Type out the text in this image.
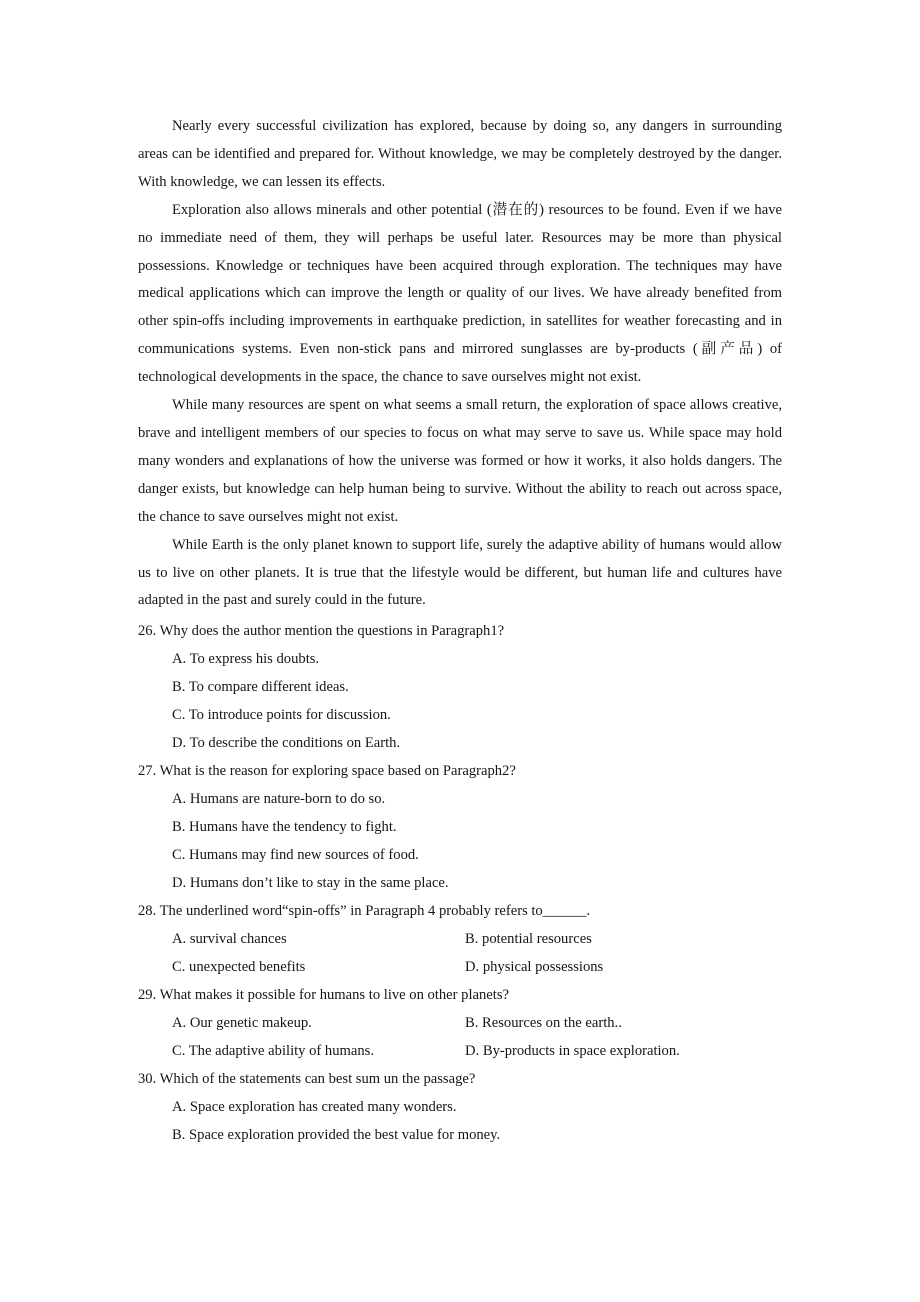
Nearly every successful civilization has explored, because by doing so, any dangers in surrounding areas can be identified and prepared for. Without knowledge, we may be completely destroyed by the danger. With knowledge, we can lessen its effects.

Exploration also allows minerals and other potential (潜在的) resources to be found. Even if we have no immediate need of them, they will perhaps be useful later. Resources may be more than physical possessions. Knowledge or techniques have been acquired through exploration. The techniques may have medical applications which can improve the length or quality of our lives. We have already benefited from other spin-offs including improvements in earthquake prediction, in satellites for weather forecasting and in communications systems. Even non-stick pans and mirrored sunglasses are by-products (副产品) of technological developments in the space, the chance to save ourselves might not exist.

While many resources are spent on what seems a small return, the exploration of space allows creative, brave and intelligent members of our species to focus on what may serve to save us. While space may hold many wonders and explanations of how the universe was formed or how it works, it also holds dangers. The danger exists, but knowledge can help human being to survive. Without the ability to reach out across space, the chance to save ourselves might not exist.

While Earth is the only planet known to support life, surely the adaptive ability of humans would allow us to live on other planets. It is true that the lifestyle would be different, but human life and cultures have adapted in the past and surely could in the future.

26. Why does the author mention the questions in Paragraph1?

A. To express his doubts.

B. To compare different ideas.

C. To introduce points for discussion.

D. To describe the conditions on Earth.

27. What is the reason for exploring space based on Paragraph2?

A. Humans are nature-born to do so.

B. Humans have the tendency to fight.

C. Humans may find new sources of food.

D. Humans don’t like to stay in the same place.

28. The underlined word“spin-offs” in Paragraph 4 probably refers to______.

A. survival chances	B. potential resources
C. unexpected benefits	D. physical possessions

29. What makes it possible for humans to live on other planets?

A. Our genetic makeup.	B. Resources on the earth..
C. The adaptive ability of humans.	D. By-products in space exploration.

30. Which of the statements can best sum un the passage?

A. Space exploration has created many wonders.

B. Space exploration provided the best value for money.
